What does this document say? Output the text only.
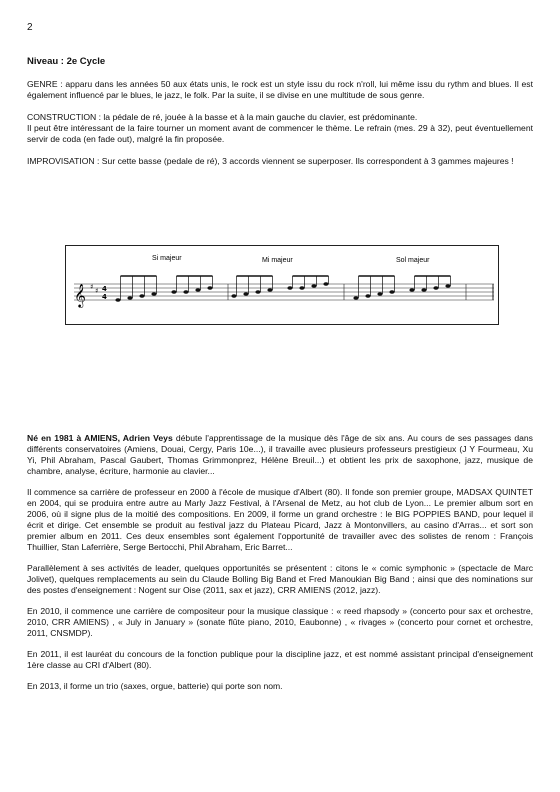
2
Niveau : 2e Cycle

GENRE : apparu dans les années 50 aux états unis, le rock est un style issu du rock n'roll, lui même issu du rythm and blues. Il est également influencé par le blues, le jazz, le folk. Par la suite, il se divise en une multitude de sous genre.

CONSTRUCTION : la pédale de ré, jouée à la basse et à la main gauche du clavier, est prédominante.
Il peut être intéressant de la faire tourner un moment avant de commencer le thème. Le refrain (mes. 29 à 32), peut éventuellement servir de coda (en fade out), malgré la fin proposée.

IMPROVISATION : Sur cette basse (pedale de ré), 3 accords viennent se superposer. Ils correspondent à 3 gammes majeures !

Si majeur	Mi majeur	Sol majeur
𝄞 ♯ ♯ 4
4

Né en 1981 à AMIENS, Adrien Veys débute l'apprentissage de la musique dès l'âge de six ans. Au cours de ses passages dans différents conservatoires (Amiens, Douai, Cergy, Paris 10e...), il travaille avec plusieurs professeurs prestigieux (J Y Fourmeau, Xu Yi, Phil Abraham, Pascal Gaubert, Thomas Grimmonprez, Hélène Breuil...) et obtient les prix de saxophone, jazz, musique de chambre, analyse, écriture, harmonie au clavier...

Il commence sa carrière de professeur en 2000 à l'école de musique d'Albert (80). Il fonde son premier groupe, MADSAX QUINTET en 2004, qui se produira entre autre au Marly Jazz Festival, à l'Arsenal de Metz, au hot club de Lyon... Le premier album sort en 2006, où il signe plus de la moitié des compositions. En 2009, il forme un grand orchestre : le BIG POPPIES BAND, pour lequel il écrit et dirige. Cet ensemble se produit au festival jazz du Plateau Picard, Jazz à Montonvillers, au casino d'Arras... et sort son premier album en 2011. Ces deux ensembles sont également l'opportunité de travailler avec des solistes de renom : François Thuillier, Stan Laferrière, Serge Bertocchi, Phil Abraham, Eric Barret...

Parallèlement à ses activités de leader, quelques opportunités se présentent : citons le « comic symphonic » (spectacle de Marc Jolivet), quelques remplacements au sein du Claude Bolling Big Band et Fred Manoukian Big Band ; ainsi que des nominations sur des postes d'enseignement : Nogent sur Oise (2011, sax et jazz), CRR AMIENS (2012, jazz).

En 2010, il commence une carrière de compositeur pour la musique classique : « reed rhapsody » (concerto pour sax et orchestre, 2010, CRR AMIENS) , « July in January » (sonate flûte piano, 2010, Eaubonne) , « rivages » (concerto pour cornet et orchestre, 2011, CNSMDP).

En 2011, il est lauréat du concours de la fonction publique pour la discipline jazz, et est nommé assistant principal d'enseignement 1ère classe au CRI d'Albert (80).

En 2013, il forme un trio (saxes, orgue, batterie) qui porte son nom.
